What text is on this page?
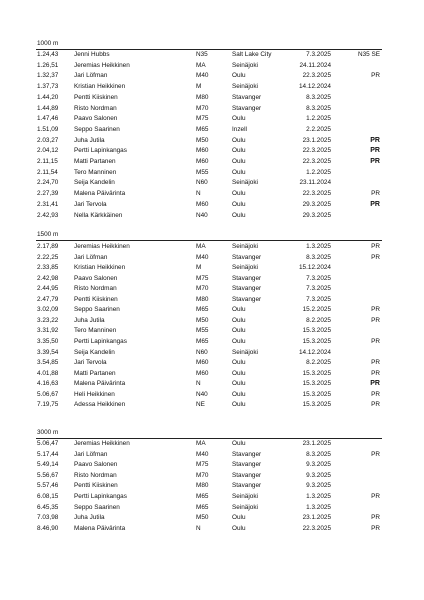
1000 m
1.24,43 Jenni Hubbs	N35	Salt Lake City	7.3.2025	N35 SE
1.26,51 Jeremias Heikkinen	MA	Seinäjoki	24.11.2024
1.32,37 Jari Löfman	M40	Oulu	22.3.2025	PR
1.37,73 Kristian Heikkinen	M	Seinäjoki	14.12.2024
1.44,20 Pentti Kiiskinen	M80	Stavanger	8.3.2025
1.44,89 Risto Nordman	M70	Stavanger	8.3.2025
1.47,46 Paavo Salonen	M75	Oulu	1.2.2025
1.51,09 Seppo Saarinen	M65	Inzell	2.2.2025
2.03,27 Juha Jutila	M50	Oulu	23.1.2025	PR
2.04,12 Pertti Lapinkangas	M60	Oulu	22.3.2025	PR
2.11,15	Matti Partanen	M60	Oulu	22.3.2025	PR
2.11,54	Tero Manninen	M55	Oulu	1.2.2025
2.24,70 Seija Kandelin	N60	Seinäjoki	23.11.2024
2.27,39 Malena Päivärinta	N	Oulu	22.3.2025	PR
2.31,41 Jari Tervola	M60	Oulu	29.3.2025	PR
2.42,93 Nella Kärkkäinen	N40	Oulu	29.3.2025
1500 m
2.17,89 Jeremias Heikkinen	MA	Seinäjoki	1.3.2025	PR
2.22,25 Jari Löfman	M40	Stavanger	8.3.2025	PR
2.33,85 Kristian Heikkinen	M	Seinäjoki	15.12.2024
2.42,98 Paavo Salonen	M75	Stavanger	7.3.2025
2.44,95 Risto Nordman	M70	Stavanger	7.3.2025
2.47,79 Pentti Kiiskinen	M80	Stavanger	7.3.2025
3.02,09 Seppo Saarinen	M65	Oulu	15.2.2025	PR
3.23,22 Juha Jutila	M50	Oulu	8.2.2025	PR
3.31,92 Tero Manninen	M55	Oulu	15.3.2025
3.35,50 Pertti Lapinkangas	M65	Oulu	15.3.2025	PR
3.39,54 Seija Kandelin	N60	Seinäjoki	14.12.2024
3.54,85 Jari Tervola	M60	Oulu	8.2.2025	PR
4.01,88 Matti Partanen	M60	Oulu	15.3.2025	PR
4.16,63 Malena Päivärinta	N	Oulu	15.3.2025	PR
5.06,67 Heli Heikkinen	N40	Oulu	15.3.2025	PR
7.19,75 Adessa Heikkinen	NE	Oulu	15.3.2025	PR
3000 m
5.06,47 Jeremias Heikkinen	MA	Oulu	23.1.2025
5.17,44 Jari Löfman	M40	Stavanger	8.3.2025	PR
5.49,14 Paavo Salonen	M75	Stavanger	9.3.2025
5.56,67 Risto Nordman	M70	Stavanger	9.3.2025
5.57,46 Pentti Kiiskinen	M80	Stavanger	9.3.2025
6.08,15 Pertti Lapinkangas	M65	Seinäjoki	1.3.2025	PR
6.45,35 Seppo Saarinen	M65	Seinäjoki	1.3.2025
7.03,98 Juha Jutila	M50	Oulu	23.1.2025	PR
8.46,90 Malena Päivärinta	N	Oulu	22.3.2025	PR
